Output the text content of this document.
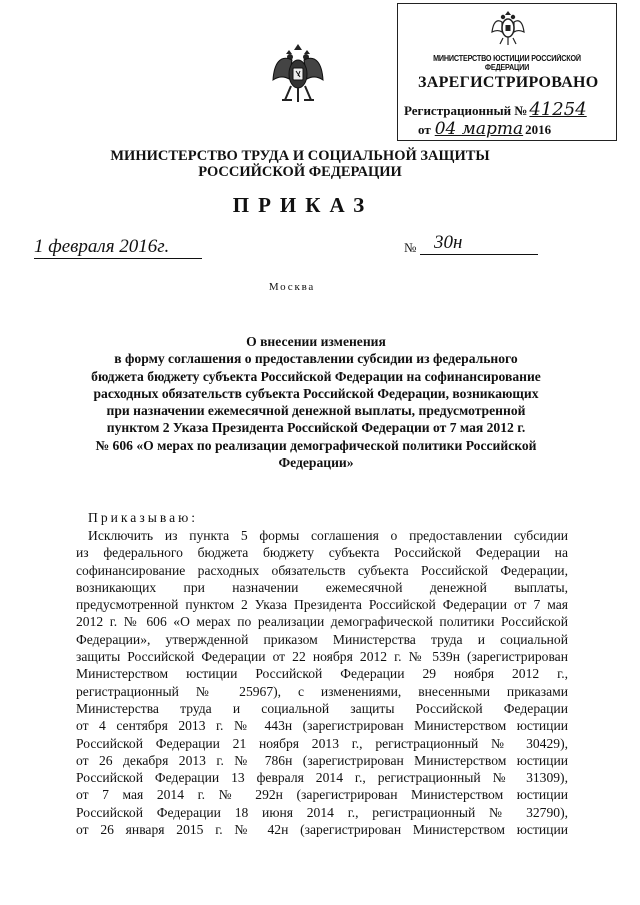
МИНИСТЕРСТВО ЮСТИЦИИ РОССИЙСКОЙ ФЕДЕРАЦИИ
ЗАРЕГИСТРИРОВАНО
Регистрационный № 41254
от 04 марта 2016
МИНИСТЕРСТВО ТРУДА И СОЦИАЛЬНОЙ ЗАЩИТЫ
РОССИЙСКОЙ ФЕДЕРАЦИИ
ПРИКАЗ
1 февраля 2016г.	№ 30н
Москва
О внесении изменения
в форму соглашения о предоставлении субсидии из федерального
бюджета бюджету субъекта Российской Федерации на софинансирование
расходных обязательств субъекта Российской Федерации, возникающих
при назначении ежемесячной денежной выплаты, предусмотренной
пунктом 2 Указа Президента Российской Федерации от 7 мая 2012 г.
№ 606 «О мерах по реализации демографической политики Российской
Федерации»
Приказываю:
Исключить из пункта 5 формы соглашения о предоставлении субсидии
из федерального бюджета бюджету субъекта Российской Федерации на
софинансирование расходных обязательств субъекта Российской Федерации,
возникающих при назначении ежемесячной денежной выплаты,
предусмотренной пунктом 2 Указа Президента Российской Федерации от 7 мая
2012 г. № 606 «О мерах по реализации демографической политики Российской
Федерации», утвержденной приказом Министерства труда и социальной
защиты Российской Федерации от 22 ноября 2012 г. № 539н (зарегистрирован
Министерством юстиции Российской Федерации 29 ноября 2012 г.,
регистрационный № 25967), с изменениями, внесенными приказами
Министерства труда и социальной защиты Российской Федерации
от 4 сентября 2013 г. № 443н (зарегистрирован Министерством юстиции
Российской Федерации 21 ноября 2013 г., регистрационный № 30429),
от 26 декабря 2013 г. № 786н (зарегистрирован Министерством юстиции
Российской Федерации 13 февраля 2014 г., регистрационный № 31309),
от 7 мая 2014 г. № 292н (зарегистрирован Министерством юстиции
Российской Федерации 18 июня 2014 г., регистрационный № 32790),
от 26 января 2015 г. № 42н (зарегистрирован Министерством юстиции
